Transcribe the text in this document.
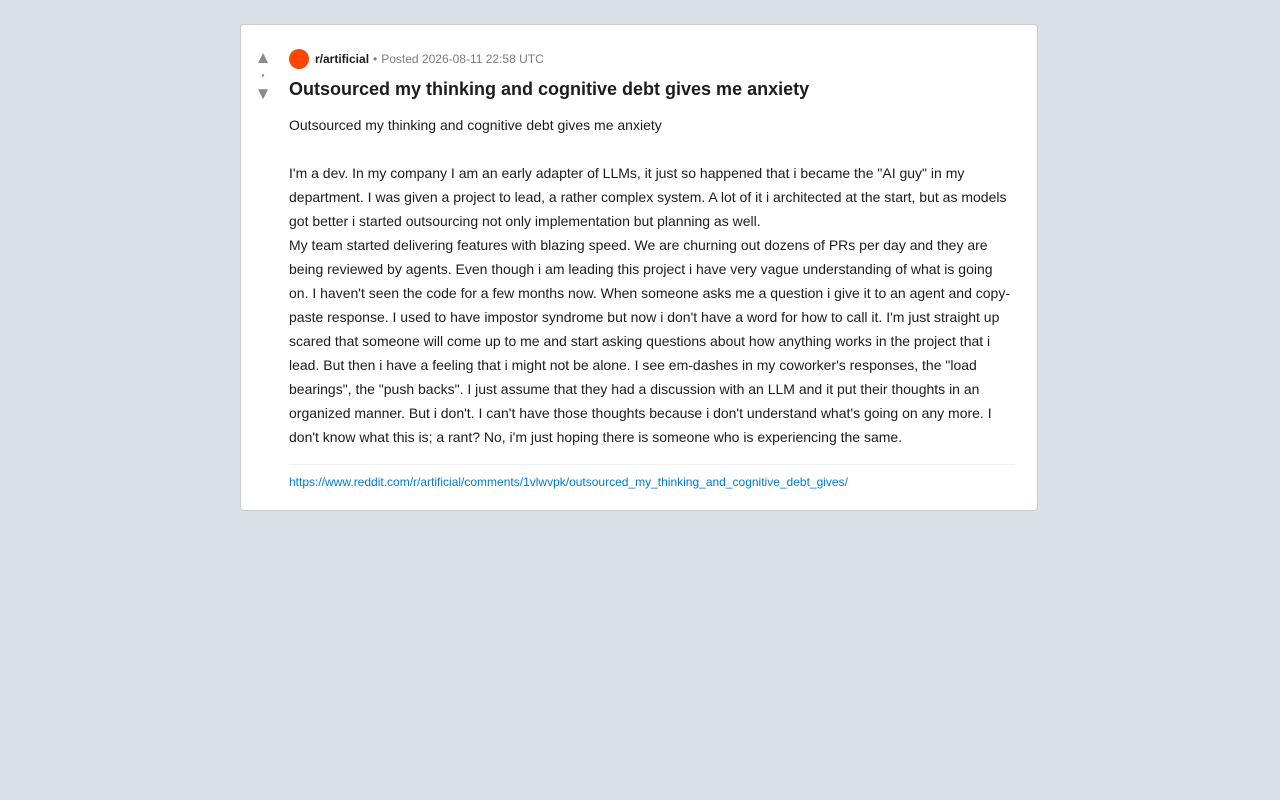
▲
•
▼
r/artificial • Posted 2026-08-11 22:58 UTC
Outsourced my thinking and cognitive debt gives me anxiety

Outsourced my thinking and cognitive debt gives me anxiety

I'm a dev. In my company I am an early adapter of LLMs, it just so happened that i became the "AI guy" in my department. I was given a project to lead, a rather complex system. A lot of it i architected at the start, but as models got better i started outsourcing not only implementation but planning as well.

My team started delivering features with blazing speed. We are churning out dozens of PRs per day and they are being reviewed by agents. Even though i am leading this project i have very vague understanding of what is going on. I haven't seen the code for a few months now. When someone asks me a question i give it to an agent and copy-paste response. I used to have impostor syndrome but now i don't have a word for how to call it. I'm just straight up scared that someone will come up to me and start asking questions about how anything works in the project that i lead. But then i have a feeling that i might not be alone. I see em-dashes in my coworker's responses, the "load bearings", the "push backs". I just assume that they had a discussion with an LLM and it put their thoughts in an organized manner. But i don't. I can't have those thoughts because i don't understand what's going on any more. I don't know what this is; a rant? No, i'm just hoping there is someone who is experiencing the same.

https://www.reddit.com/r/artificial/comments/1vlwvpk/outsourced_my_thinking_and_cognitive_debt_gives/
